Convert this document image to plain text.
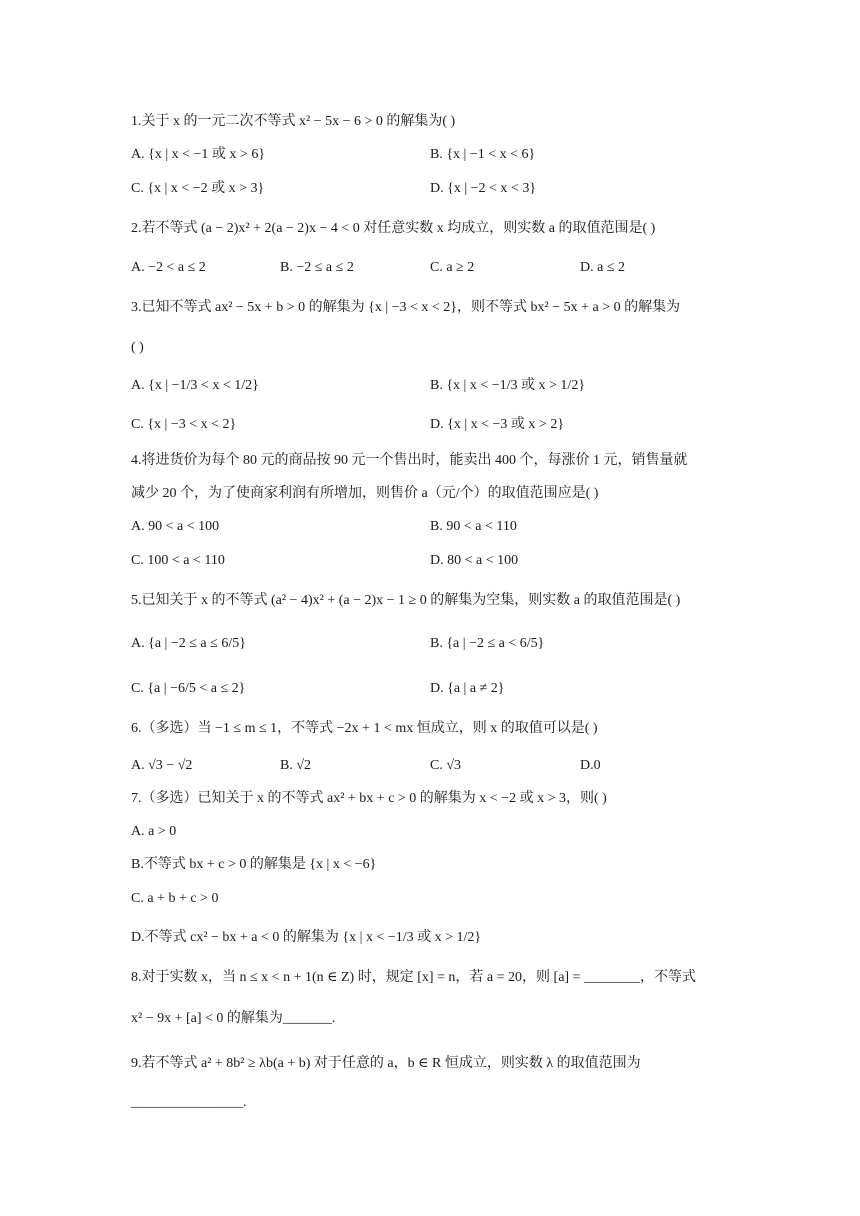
1.关于 x 的一元二次不等式 x² − 5x − 6 > 0 的解集为( )
A. {x | x < −1 或 x > 6}	B. {x | −1 < x < 6}
C. {x | x < −2 或 x > 3}	D. {x | −2 < x < 3}
2.若不等式 (a − 2)x² + 2(a − 2)x − 4 < 0 对任意实数 x 均成立，则实数 a 的取值范围是( )
A. −2 < a ≤ 2	B. −2 ≤ a ≤ 2	C. a ≥ 2	D. a ≤ 2
3.已知不等式 ax² − 5x + b > 0 的解集为 {x | −3 < x < 2}，则不等式 bx² − 5x + a > 0 的解集为
( )
A. {x | −1/3 < x < 1/2}	B. {x | x < −1/3 或 x > 1/2}
C. {x | −3 < x < 2}	D. {x | x < −3 或 x > 2}
4.将进货价为每个 80 元的商品按 90 元一个售出时，能卖出 400 个，每涨价 1 元，销售量就
减少 20 个，为了使商家利润有所增加，则售价 a（元/个）的取值范围应是( )
A. 90 < a < 100	B. 90 < a < 110
C. 100 < a < 110	D. 80 < a < 100
5.已知关于 x 的不等式 (a² − 4)x² + (a − 2)x − 1 ≥ 0 的解集为空集，则实数 a 的取值范围是( )
A. {a | −2 ≤ a ≤ 6/5}	B. {a | −2 ≤ a < 6/5}
C. {a | −6/5 < a ≤ 2}	D. {a | a ≠ 2}
6.（多选）当 −1 ≤ m ≤ 1，不等式 −2x + 1 < mx 恒成立，则 x 的取值可以是( )
A. √3 − √2	B. √2	C. √3	D.0
7.（多选）已知关于 x 的不等式 ax² + bx + c > 0 的解集为 x < −2 或 x > 3，则( )
A. a > 0
B.不等式 bx + c > 0 的解集是 {x | x < −6}
C. a + b + c > 0
D.不等式 cx² − bx + a < 0 的解集为 {x | x < −1/3 或 x > 1/2}
8.对于实数 x，当 n ≤ x < n + 1(n ∈ Z) 时，规定 [x] = n，若 a = 20，则 [a] = ________，不等式
x² − 9x + [a] < 0 的解集为_______.
9.若不等式 a² + 8b² ≥ λb(a + b) 对于任意的 a，b ∈ R 恒成立，则实数 λ 的取值范围为
________________.
